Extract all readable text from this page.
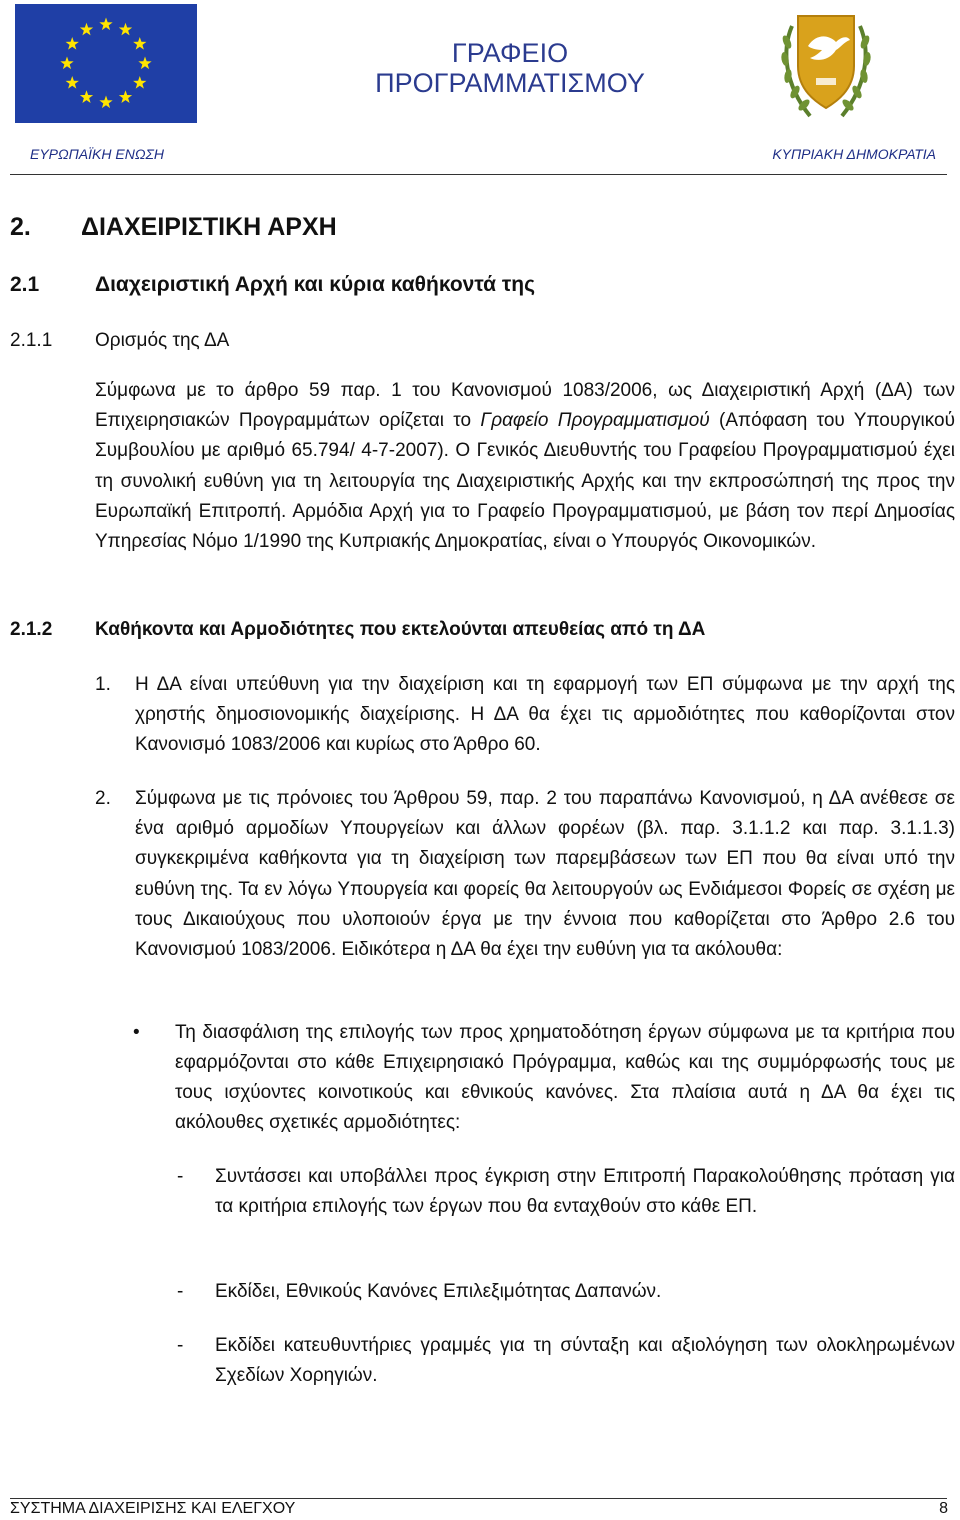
ΓΡΑΦΕΙΟ
ΠΡΟΓΡΑΜΜΑΤΙΣΜΟΥ
ΕΥΡΩΠΑΪΚΗ ΕΝΩΣΗ	ΚΥΠΡΙΑΚΗ ΔΗΜΟΚΡΑΤΙΑ
2. ΔΙΑΧΕΙΡΙΣΤΙΚΗ ΑΡΧΗ
2.1	Διαχειριστική Αρχή και κύρια καθήκοντά της
2.1.1 Ορισμός της ΔΑ

Σύμφωνα με το άρθρο 59 παρ. 1 του Κανονισμού 1083/2006, ως Διαχειριστική Αρχή (ΔΑ) των Επιχειρησιακών Προγραμμάτων ορίζεται το Γραφείο Προγραμματισμού (Απόφαση του Υπουργικού Συμβουλίου με αριθμό 65.794/ 4-7-2007). Ο Γενικός Διευθυντής του Γραφείου Προγραμματισμού έχει τη συνολική ευθύνη για τη λειτουργία της Διαχειριστικής Αρχής και την εκπροσώπησή της προς την Ευρωπαϊκή Επιτροπή. Αρμόδια Αρχή για το Γραφείο Προγραμματισμού, με βάση τον περί Δημοσίας Υπηρεσίας Νόμο 1/1990 της Κυπριακής Δημοκρατίας, είναι ο Υπουργός Οικονομικών.

2.1.2 Καθήκοντα και Αρμοδιότητες που εκτελούνται απευθείας από τη ΔΑ
1. Η ΔΑ είναι υπεύθυνη για την διαχείριση και τη εφαρμογή των ΕΠ σύμφωνα με την αρχή της χρηστής δημοσιονομικής διαχείρισης. Η ΔΑ θα έχει τις αρμοδιότητες που καθορίζονται στον Κανονισμό 1083/2006 και κυρίως στο Άρθρο 60.

2. Σύμφωνα με τις πρόνοιες του Άρθρου 59, παρ. 2 του παραπάνω Κανονισμού, η ΔΑ ανέθεσε σε ένα αριθμό αρμοδίων Υπουργείων και άλλων φορέων (βλ. παρ. 3.1.1.2 και παρ. 3.1.1.3) συγκεκριμένα καθήκοντα για τη διαχείριση των παρεμβάσεων των ΕΠ που θα είναι υπό την ευθύνη της. Τα εν λόγω Υπουργεία και φορείς θα λειτουργούν ως Ενδιάμεσοι Φορείς σε σχέση με τους Δικαιούχους που υλοποιούν έργα με την έννοια που καθορίζεται στο Άρθρο 2.6 του Κανονισμού 1083/2006. Ειδικότερα η ΔΑ θα έχει την ευθύνη για τα ακόλουθα:

• Τη διασφάλιση της επιλογής των προς χρηματοδότηση έργων σύμφωνα με τα κριτήρια που εφαρμόζονται στο κάθε Επιχειρησιακό Πρόγραμμα, καθώς και της συμμόρφωσής τους με τους ισχύοντες κοινοτικούς και εθνικούς κανόνες. Στα πλαίσια αυτά η ΔΑ θα έχει τις ακόλουθες σχετικές αρμοδιότητες:

- Συντάσσει και υποβάλλει προς έγκριση στην Επιτροπή Παρακολούθησης πρόταση για τα κριτήρια επιλογής των έργων που θα ενταχθούν στο κάθε ΕΠ.

- Εκδίδει, Εθνικούς Κανόνες Επιλεξιμότητας Δαπανών.

- Εκδίδει κατευθυντήριες γραμμές για τη σύνταξη και αξιολόγηση των ολοκληρωμένων Σχεδίων Χορηγιών.

ΣΥΣΤΗΜΑ ΔΙΑΧΕΙΡΙΣΗΣ ΚΑΙ ΕΛΕΓΧΟΥ	8
